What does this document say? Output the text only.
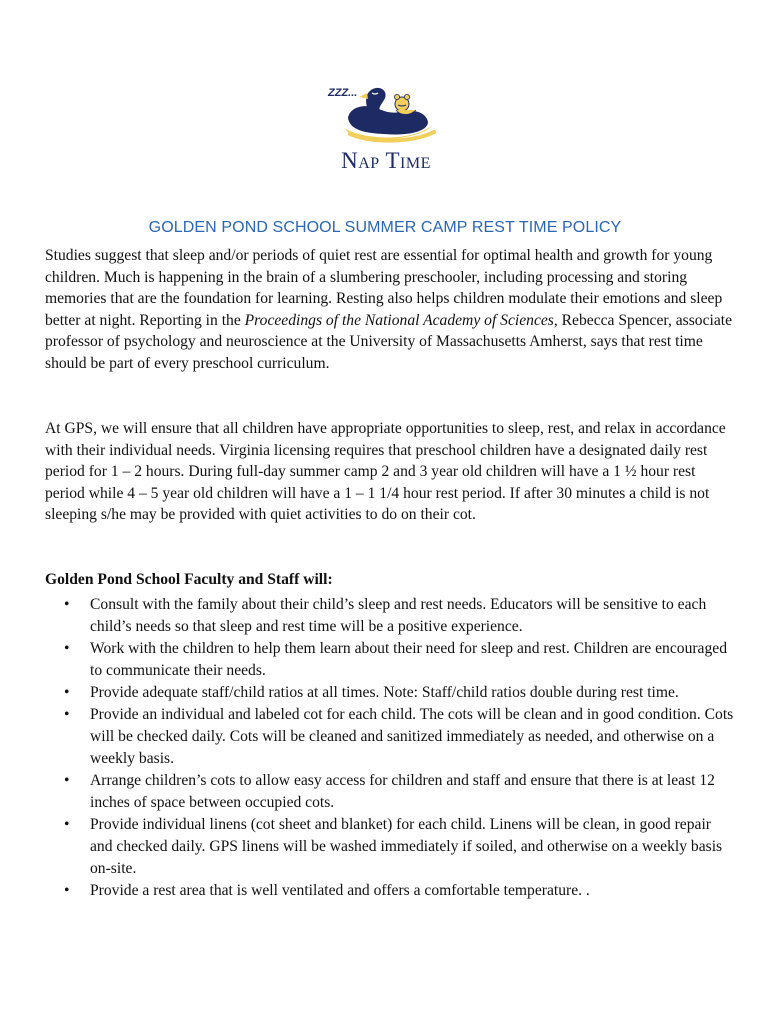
ZZZ...
Nap Time
GOLDEN POND SCHOOL SUMMER CAMP REST TIME POLICY

Studies suggest that sleep and/or periods of quiet rest are essential for optimal health and growth for young children. Much is happening in the brain of a slumbering preschooler, including processing and storing memories that are the foundation for learning. Resting also helps children modulate their emotions and sleep better at night. Reporting in the Proceedings of the National Academy of Sciences, Rebecca Spencer, associate professor of psychology and neuroscience at the University of Massachusetts Amherst, says that rest time should be part of every preschool curriculum.

At GPS, we will ensure that all children have appropriate opportunities to sleep, rest, and relax in accordance with their individual needs. Virginia licensing requires that preschool children have a designated daily rest period for 1 – 2 hours. During full-day summer camp 2 and 3 year old children will have a 1 ½ hour rest period while 4 – 5 year old children will have a 1 – 1 1/4 hour rest period. If after 30 minutes a child is not sleeping s/he may be provided with quiet activities to do on their cot.

Golden Pond School Faculty and Staff will:

• Consult with the family about their child’s sleep and rest needs. Educators will be sensitive to each child’s needs so that sleep and rest time will be a positive experience.
• Work with the children to help them learn about their need for sleep and rest. Children are encouraged to communicate their needs.
• Provide adequate staff/child ratios at all times. Note: Staff/child ratios double during rest time.
• Provide an individual and labeled cot for each child. The cots will be clean and in good condition. Cots will be checked daily. Cots will be cleaned and sanitized immediately as needed, and otherwise on a weekly basis.
• Arrange children’s cots to allow easy access for children and staff and ensure that there is at least 12 inches of space between occupied cots.
• Provide individual linens (cot sheet and blanket) for each child. Linens will be clean, in good repair and checked daily. GPS linens will be washed immediately if soiled, and otherwise on a weekly basis on-site.
• Provide a rest area that is well ventilated and offers a comfortable temperature. .
